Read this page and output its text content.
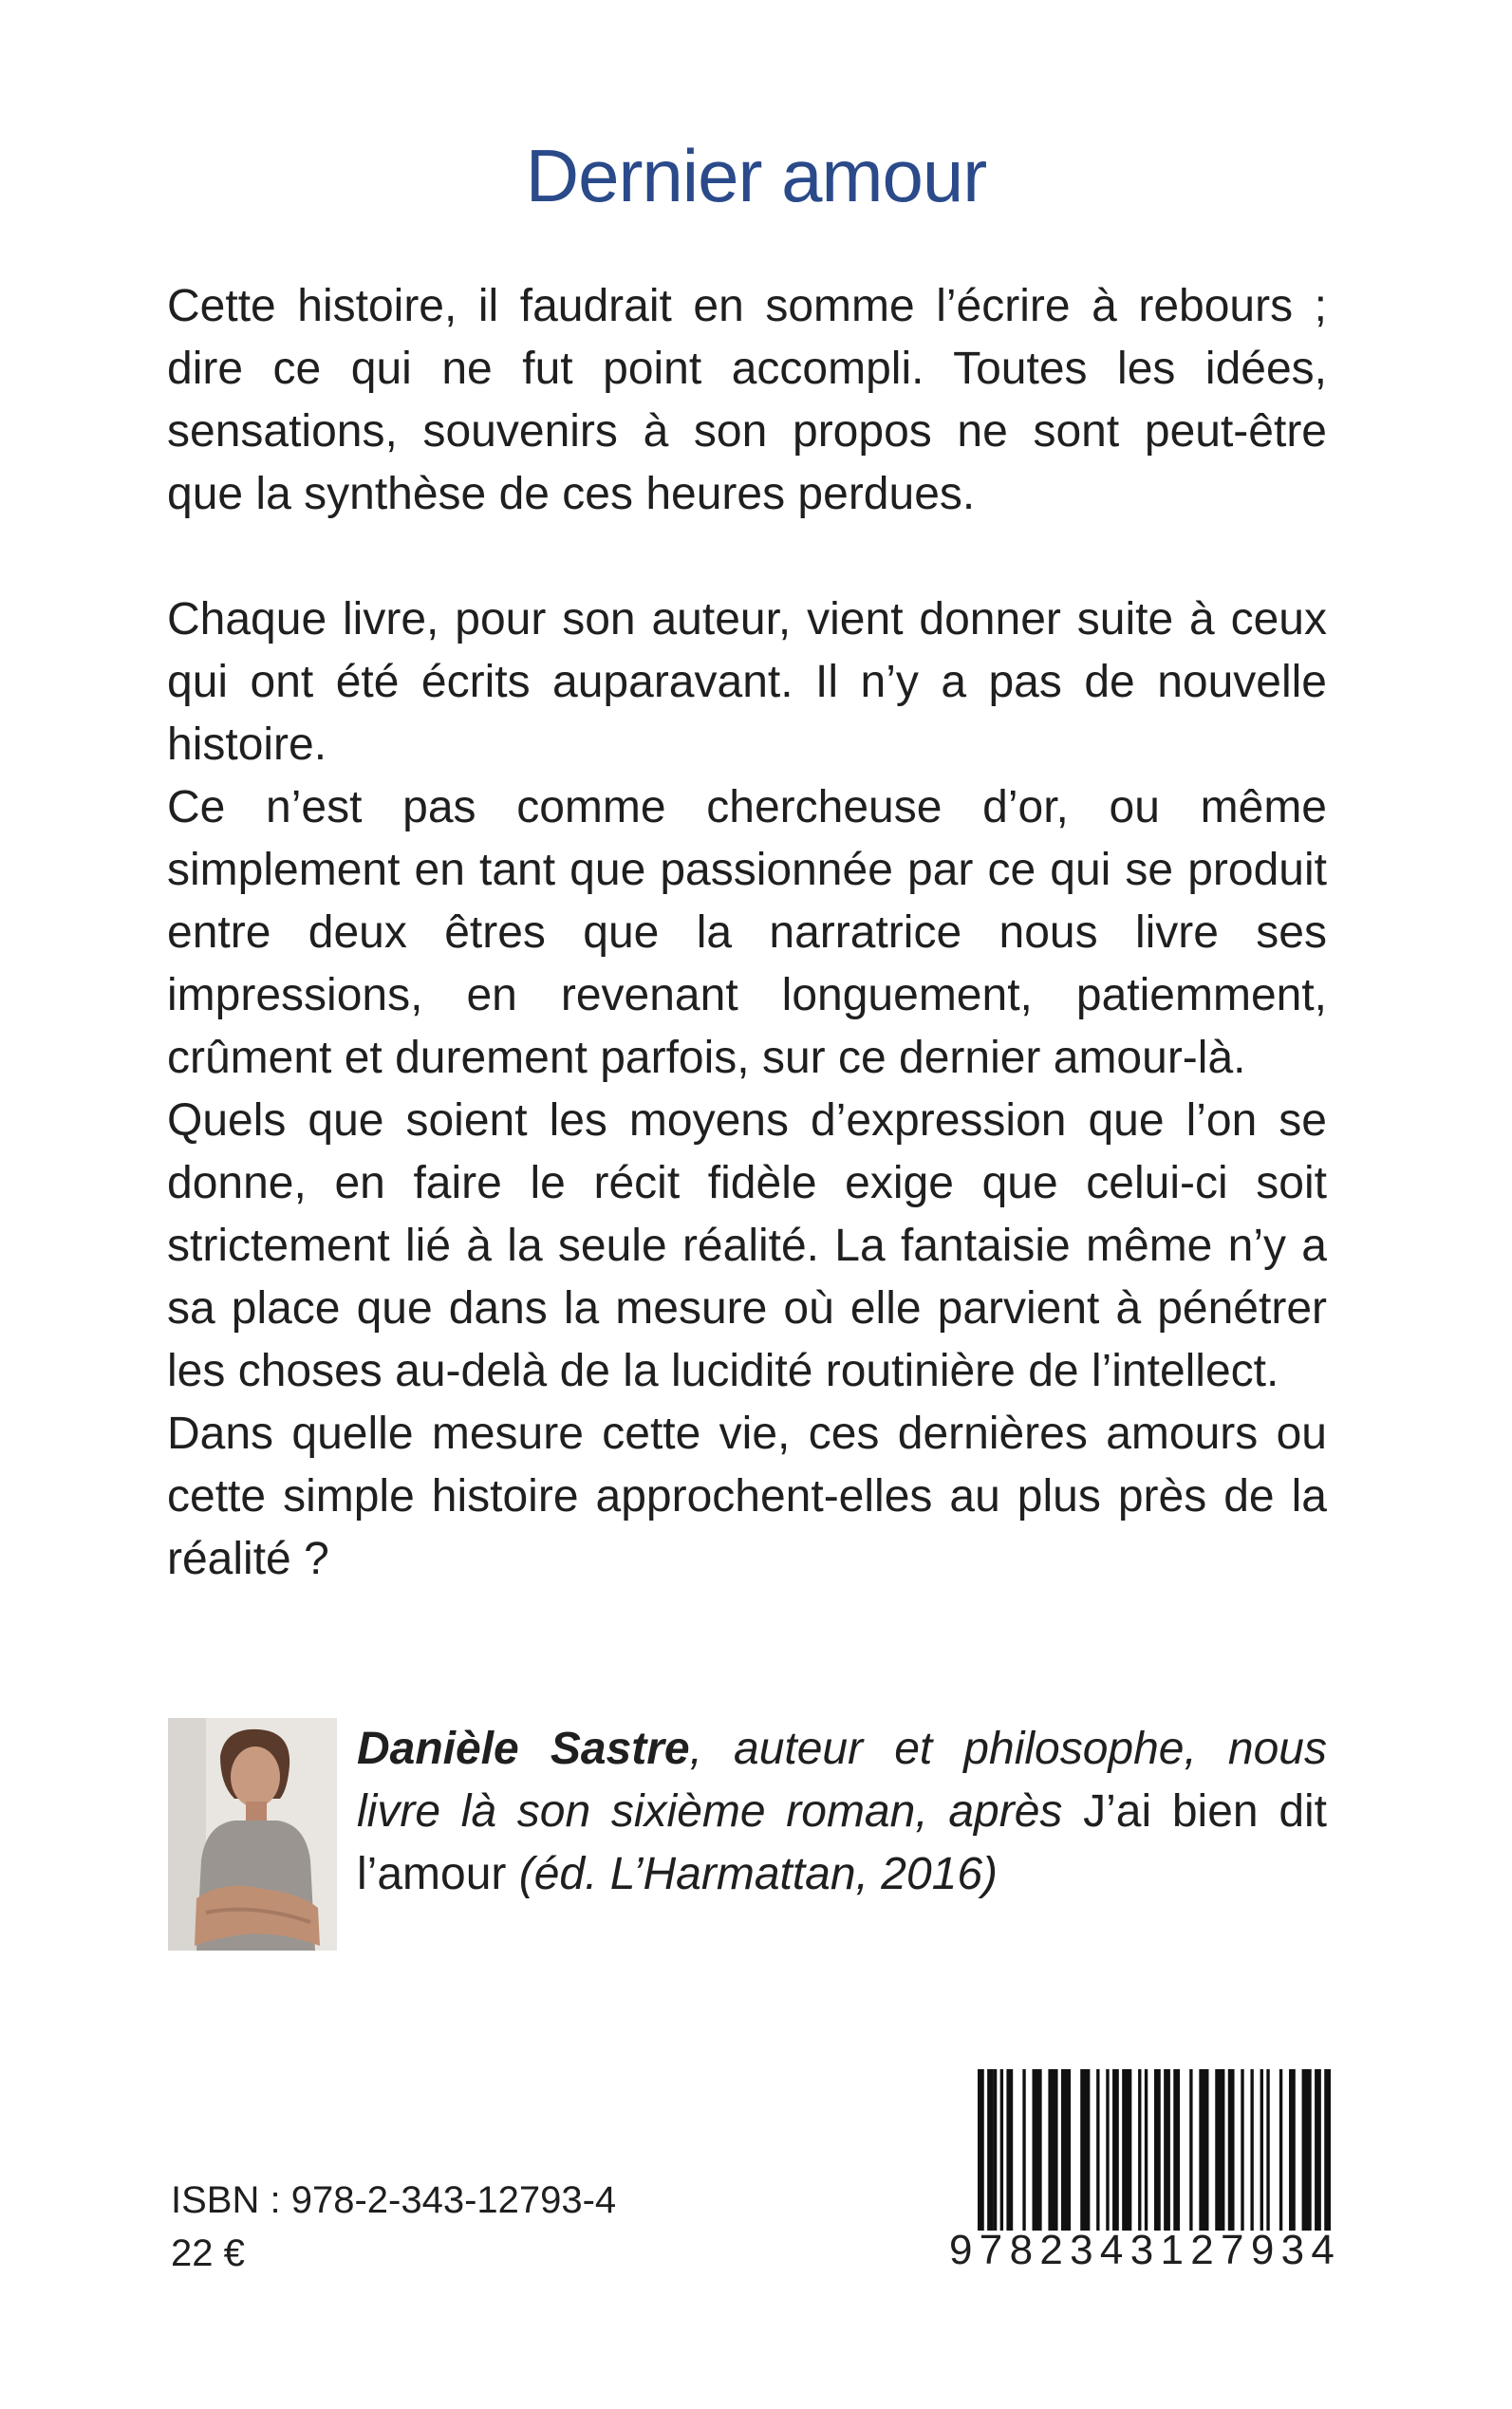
Dernier amour

Cette histoire, il faudrait en somme l’écrire à rebours ; dire ce qui ne fut point accompli. Toutes les idées, sensations, souvenirs à son propos ne sont peut-être que la synthèse de ces heures perdues.

Chaque livre, pour son auteur, vient donner suite à ceux qui ont été écrits auparavant. Il n’y a pas de nouvelle histoire.

Ce n’est pas comme chercheuse d’or, ou même simplement en tant que passionnée par ce qui se produit entre deux êtres que la narratrice nous livre ses impressions, en revenant longuement, patiemment, crûment et durement parfois, sur ce dernier amour-là.

Quels que soient les moyens d’expression que l’on se donne, en faire le récit fidèle exige que celui-ci soit strictement lié à la seule réalité. La fantaisie même n’y a sa place que dans la mesure où elle parvient à pénétrer les choses au-delà de la lucidité routinière de l’intellect.

Dans quelle mesure cette vie, ces dernières amours ou cette simple histoire approchent-elles au plus près de la réalité ?

Danièle Sastre, auteur et philosophe, nous livre là son sixième roman, après J’ai bien dit l’amour (éd. L’Harmattan, 2016)
ISBN : 978-2-343-12793-4
22 €	9 7 8 2 3 4 3 1 2 7 9 3 4
